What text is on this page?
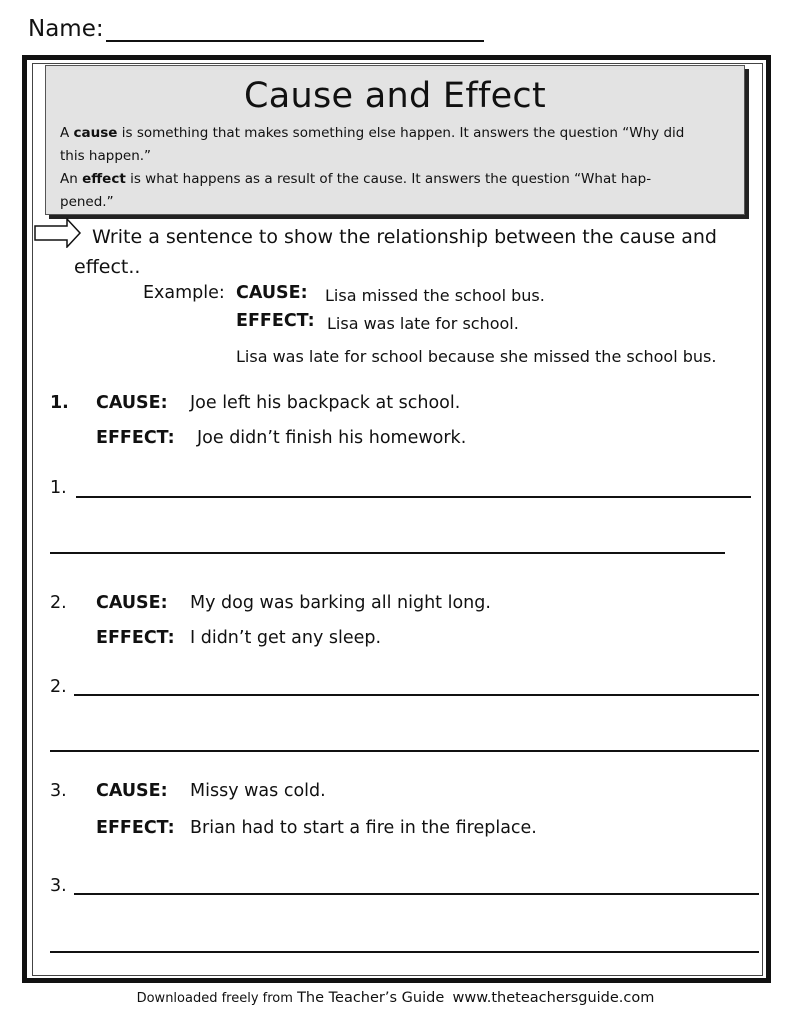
Name:
Cause and Effect

A cause is something that makes something else happen. It answers the question “Why did
this happen.”

An effect is what happens as a result of the cause. It answers the question “What hap-
pened.”

Write a sentence to show the relationship between the cause and effect..
Example: CAUSE: Lisa missed the school bus.
EFFECT: Lisa was late for school.
Lisa was late for school because she missed the school bus.
1. CAUSE: Joe left his backpack at school.
EFFECT: Joe didn’t finish his homework.
1.
2. CAUSE: My dog was barking all night long.
EFFECT: I didn’t get any sleep.
2.
3. CAUSE: Missy was cold.
EFFECT: Brian had to start a fire in the fireplace.
3.
Downloaded freely from The Teacher’s Guide www.theteachersguide.com
